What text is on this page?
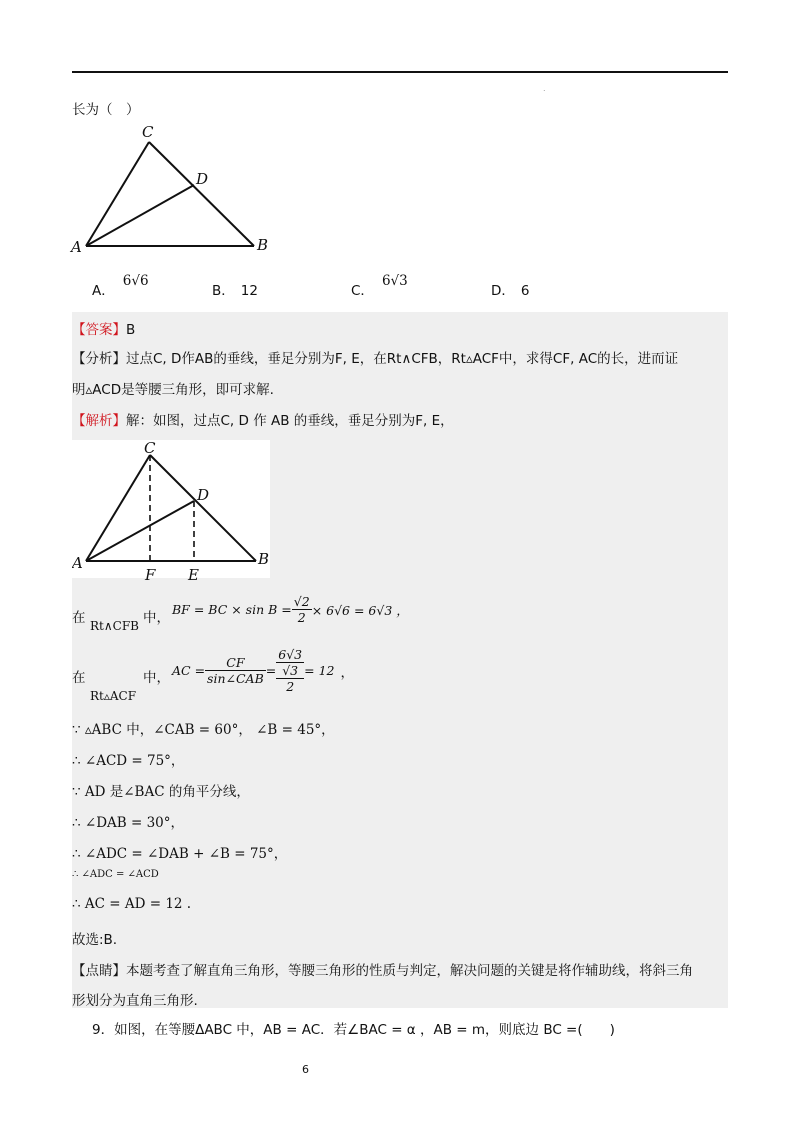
.
长为（　）
C
D
A	B
A．6√6
B． 12	C．6√3
D． 6
【答案】B
【分析】过点C, D作AB的垂线，垂足分别为F, E，在Rt∧CFB，Rt▵ACF中，求得CF, AC的长，进而证
明▵ACD是等腰三角形，即可求解.
【解析】解：如图，过点C, D 作 AB 的垂线，垂足分别为F, E，
C
D
A	B
F E
在 Rt∧CFB 中，
BF = BC × $\sin B = \frac{√2}{2} \times 6√6 = 6√3$ ，
在	中，
Rt▵ACF
AC = $\frac{CF}{\text{sin∠CAB}}$ =
6√3
√3
2
= 12 ，
∵ ▵ABC 中，∠CAB = 60°， ∠B = 45°，
∴ ∠ACD = 75°，
∵ AD 是∠BAC 的角平分线，
∴ ∠DAB = 30°，
∴ ∠ADC = ∠DAB + ∠B = 75°，
∴ ∠ADC = ∠ACD
∴ AC = AD = 12 .
故选:B.
【点睛】本题考查了解直角三角形，等腰三角形的性质与判定，解决问题的关键是将作辅助线，将斜三角
形划分为直角三角形.
9．如图，在等腰ΔABC 中，AB = AC．若∠BAC = α ，AB = m，则底边 BC =(　　)
6
